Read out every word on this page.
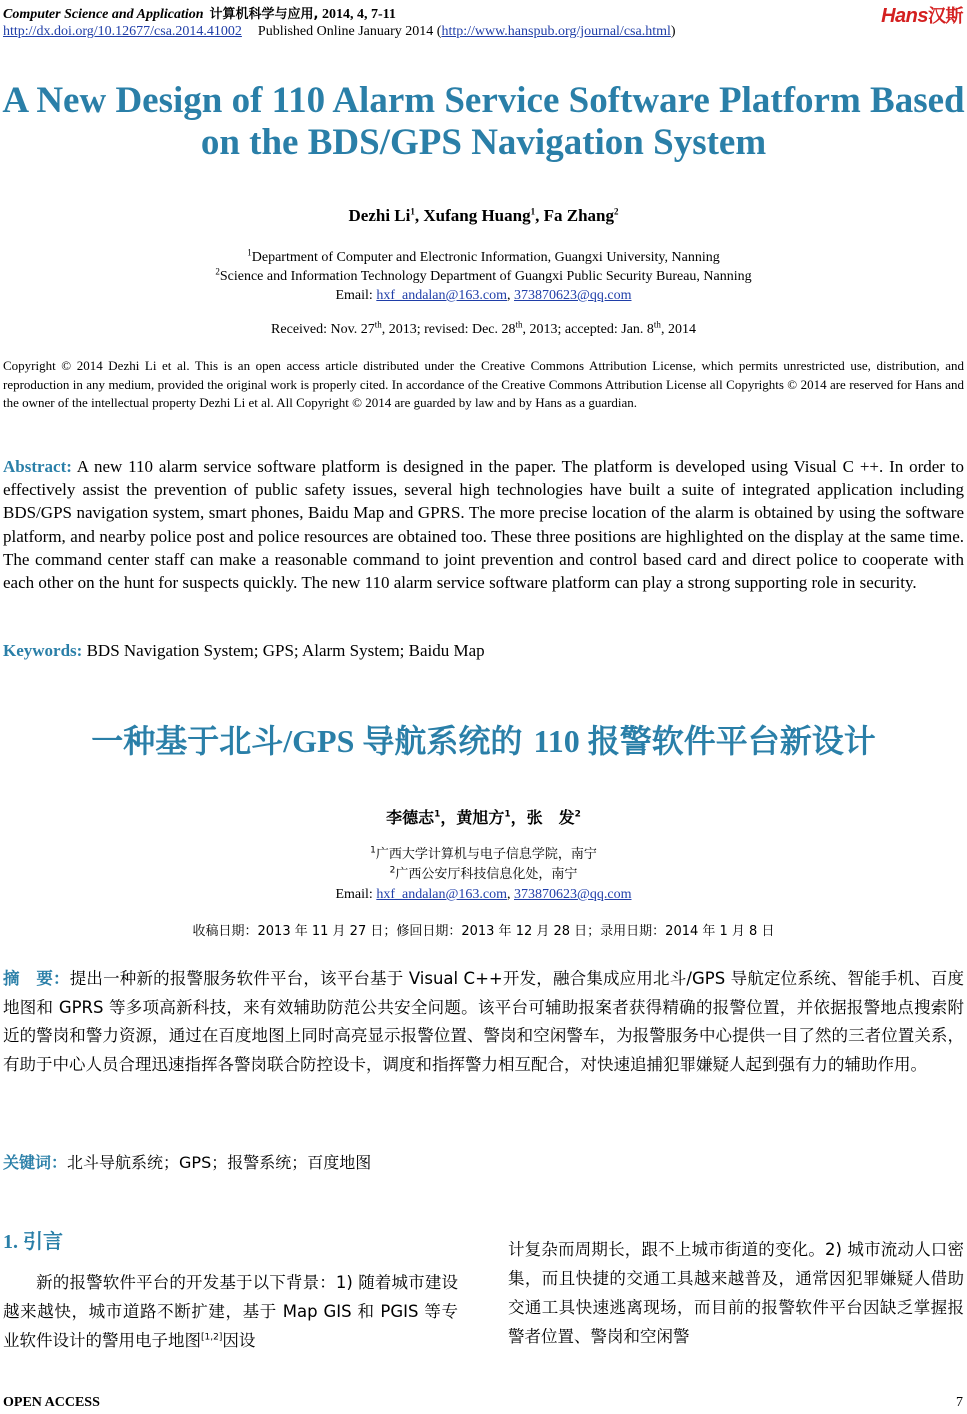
Computer Science and Application 计算机科学与应用, 2014, 4, 7-11
http://dx.doi.org/10.12677/csa.2014.41002 Published Online January 2014 (http://www.hanspub.org/journal/csa.html)
Hans汉斯
A New Design of 110 Alarm Service Software Platform Based on the BDS/GPS Navigation System
Dezhi Li$^1$, Xufang Huang$^1$, Fa Zhang$^2$
$^1$Department of Computer and Electronic Information, Guangxi University, Nanning
$^2$Science and Information Technology Department of Guangxi Public Security Bureau, Nanning
Email: hxf_andalan@163.com, 373870623@qq.com
Received: Nov. 27th, 2013; revised: Dec. 28th, 2013; accepted: Jan. 8th, 2014
Copyright © 2014 Dezhi Li et al. This is an open access article distributed under the Creative Commons Attribution License, which permits unrestricted use, distribution, and reproduction in any medium, provided the original work is properly cited. In accordance of the Creative Commons Attribution License all Copyrights © 2014 are reserved for Hans and the owner of the intellectual property Dezhi Li et al. All Copyright © 2014 are guarded by law and by Hans as a guardian.
Abstract: A new 110 alarm service software platform is designed in the paper. The platform is developed using Visual C ++. In order to effectively assist the prevention of public safety issues, several high technologies have built a suite of integrated application including BDS/GPS navigation system, smart phones, Baidu Map and GPRS. The more precise location of the alarm is obtained by using the software platform, and nearby police post and police resources are obtained too. These three positions are highlighted on the display at the same time. The command center staff can make a reasonable command to joint prevention and control based card and direct police to cooperate with each other on the hunt for suspects quickly. The new 110 alarm service software platform can play a strong supporting role in security.
Keywords: BDS Navigation System; GPS; Alarm System; Baidu Map
一种基于北斗/GPS 导航系统的 110 报警软件平台新设计
李德志$^1$，黄旭方$^1$，张　发$^2$
$^1$广西大学计算机与电子信息学院，南宁
$^2$广西公安厅科技信息化处，南宁
Email: hxf_andalan@163.com, 373870623@qq.com
收稿日期：2013 年 11 月 27 日；修回日期：2013 年 12 月 28 日；录用日期：2014 年 1 月 8 日
摘　要：提出一种新的报警服务软件平台，该平台基于 Visual C++开发，融合集成应用北斗/GPS 导航定位系统、智能手机、百度地图和 GPRS 等多项高新科技，来有效辅助防范公共安全问题。该平台可辅助报案者获得精确的报警位置，并依据报警地点搜索附近的警岗和警力资源，通过在百度地图上同时高亮显示报警位置、警岗和空闲警车，为报警服务中心提供一目了然的三者位置关系，有助于中心人员合理迅速指挥各警岗联合防控设卡，调度和指挥警力相互配合，对快速追捕犯罪嫌疑人起到强有力的辅助作用。
关键词：北斗导航系统；GPS；报警系统；百度地图
1. 引言
新的报警软件平台的开发基于以下背景：1) 随着城市建设越来越快，城市道路不断扩建，基于 Map GIS 和 PGIS 等专业软件设计的警用电子地图[1,2]因设
计复杂而周期长，跟不上城市街道的变化。2) 城市流动人口密集，而且快捷的交通工具越来越普及，通常因犯罪嫌疑人借助交通工具快速逃离现场，而目前的报警软件平台因缺乏掌握报警者位置、警岗和空闲警
OPEN ACCESS	7
